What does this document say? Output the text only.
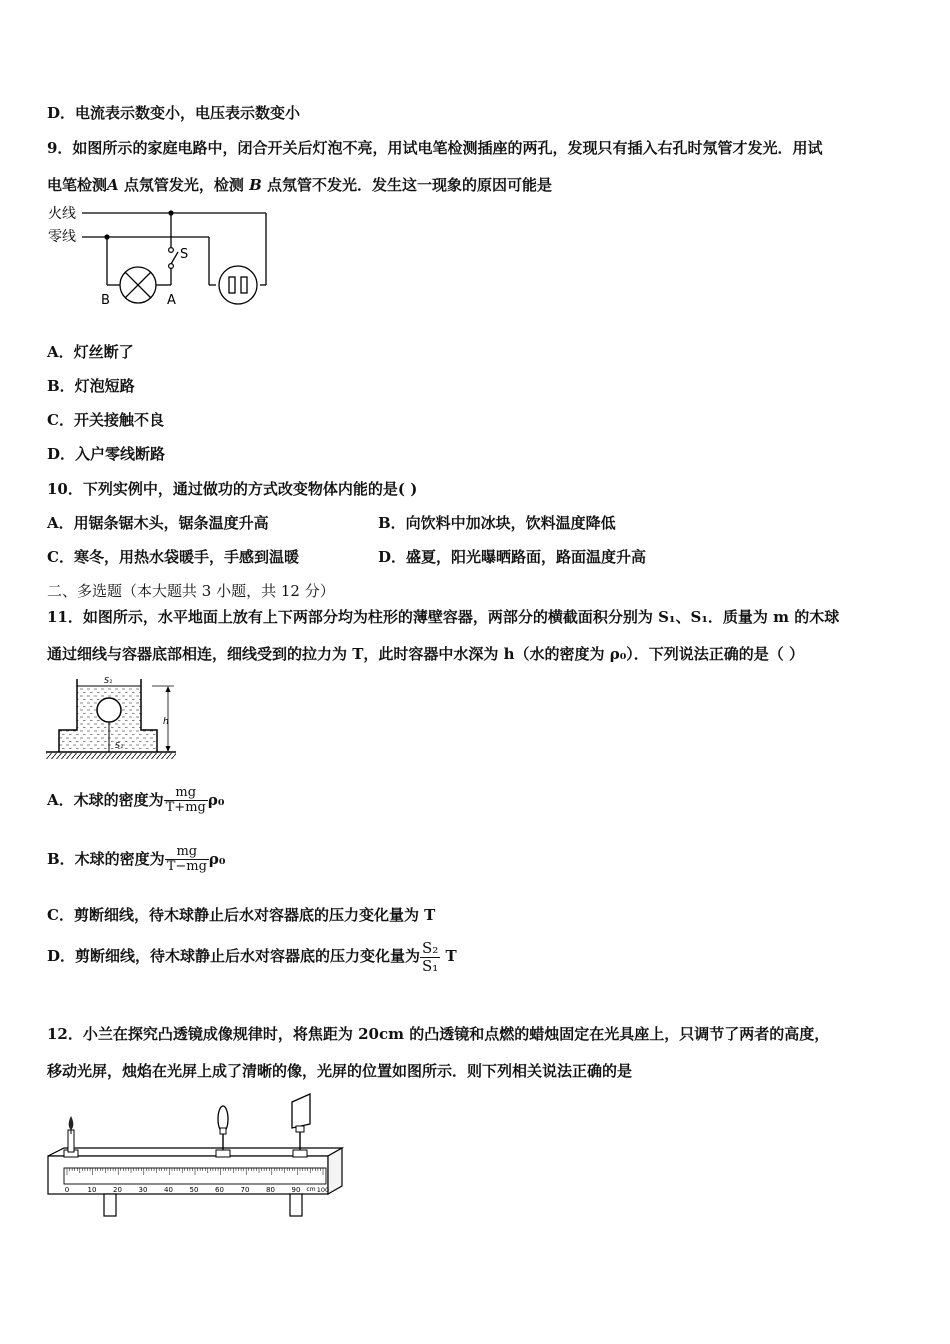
D．电流表示数变小，电压表示数变小
9．如图所示的家庭电路中，闭合开关后灯泡不亮，用试电笔检测插座的两孔，发现只有插入右孔时氖管才发光．用试
电笔检测A 点氖管发光，检测 B 点氖管不发光．发生这一现象的原因可能是
火线
零线
S
B	A
A．灯丝断了
B．灯泡短路
C．开关接触不良
D．入户零线断路
10．下列实例中，通过做功的方式改变物体内能的是( )
A．用锯条锯木头，锯条温度升高	B．向饮料中加冰块，饮料温度降低
C．寒冬，用热水袋暖手，手感到温暖	D．盛夏，阳光曝晒路面，路面温度升高
二、多选题（本大题共 3 小题，共 12 分）
11．如图所示，水平地面上放有上下两部分均为柱形的薄壁容器，两部分的横截面积分别为 S₁、S₁．质量为 m 的木球
通过细线与容器底部相连，细线受到的拉力为 T，此时容器中水深为 h（水的密度为 ρ₀）．下列说法正确的是（ ）
S₁
S₁
h
A．木球的密度为 $\frac{mg}{T+mg} \rho_0$
B．木球的密度为 $\frac{mg}{T-mg} \rho_0$
C．剪断细线，待木球静止后水对容器底的压力变化量为 T
D．剪断细线，待木球静止后水对容器底的压力变化量为 $\frac{\text{S₂}}{\text{S₁}}$ T
12．小兰在探究凸透镜成像规律时，将焦距为 20cm 的凸透镜和点燃的蜡烛固定在光具座上，只调节了两者的高度，
移动光屏，烛焰在光屏上成了清晰的像，光屏的位置如图所示．则下列相关说法正确的是
0	10 20 30 40 50 60 70 80 90	100
cm
